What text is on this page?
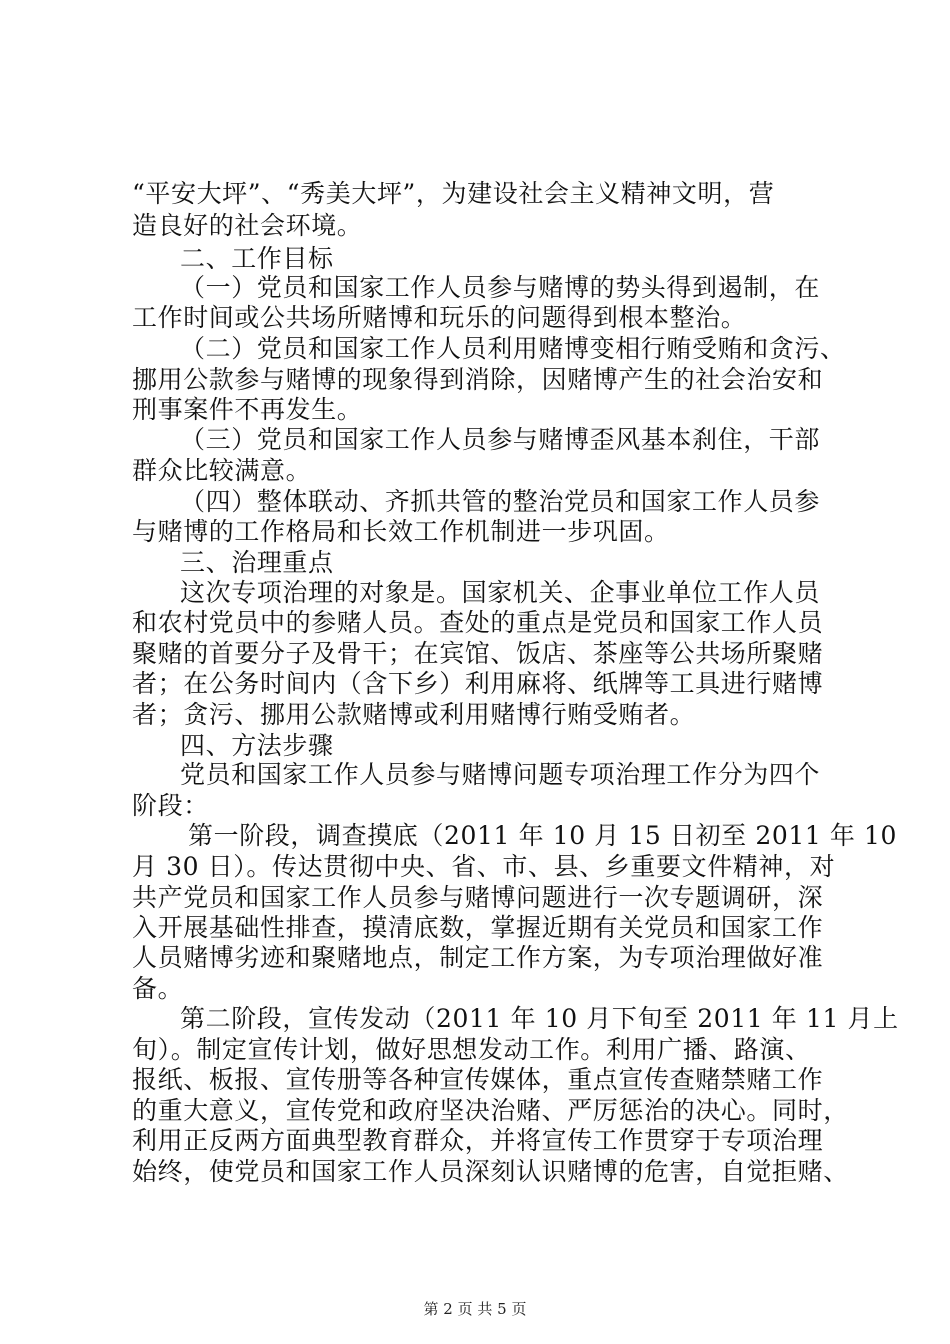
“平安大坪”、“秀美大坪”，为建设社会主义精神文明，营
造良好的社会环境。
二、工作目标
（一）党员和国家工作人员参与赌博的势头得到遏制，在
工作时间或公共场所赌博和玩乐的问题得到根本整治。
（二）党员和国家工作人员利用赌博变相行贿受贿和贪污、
挪用公款参与赌博的现象得到消除，因赌博产生的社会治安和
刑事案件不再发生。
（三）党员和国家工作人员参与赌博歪风基本刹住，干部
群众比较满意。
（四）整体联动、齐抓共管的整治党员和国家工作人员参
与赌博的工作格局和长效工作机制进一步巩固。
三、治理重点
这次专项治理的对象是。国家机关、企事业单位工作人员
和农村党员中的参赌人员。查处的重点是党员和国家工作人员
聚赌的首要分子及骨干；在宾馆、饭店、茶座等公共场所聚赌
者；在公务时间内（含下乡）利用麻将、纸牌等工具进行赌博
者；贪污、挪用公款赌博或利用赌博行贿受贿者。
四、方法步骤
党员和国家工作人员参与赌博问题专项治理工作分为四个
阶段：
第一阶段，调查摸底（2011 年 10 月 15 日初至 2011 年 10
月 30 日）。传达贯彻中央、省、市、县、乡重要文件精神，对
共产党员和国家工作人员参与赌博问题进行一次专题调研，深
入开展基础性排查，摸清底数，掌握近期有关党员和国家工作
人员赌博劣迹和聚赌地点，制定工作方案，为专项治理做好准
备。
第二阶段，宣传发动（2011 年 10 月下旬至 2011 年 11 月上
旬）。制定宣传计划，做好思想发动工作。利用广播、路演、
报纸、板报、宣传册等各种宣传媒体，重点宣传查赌禁赌工作
的重大意义，宣传党和政府坚决治赌、严厉惩治的决心。同时，
利用正反两方面典型教育群众，并将宣传工作贯穿于专项治理
始终，使党员和国家工作人员深刻认识赌博的危害，自觉拒赌、
第 2 页 共 5 页
